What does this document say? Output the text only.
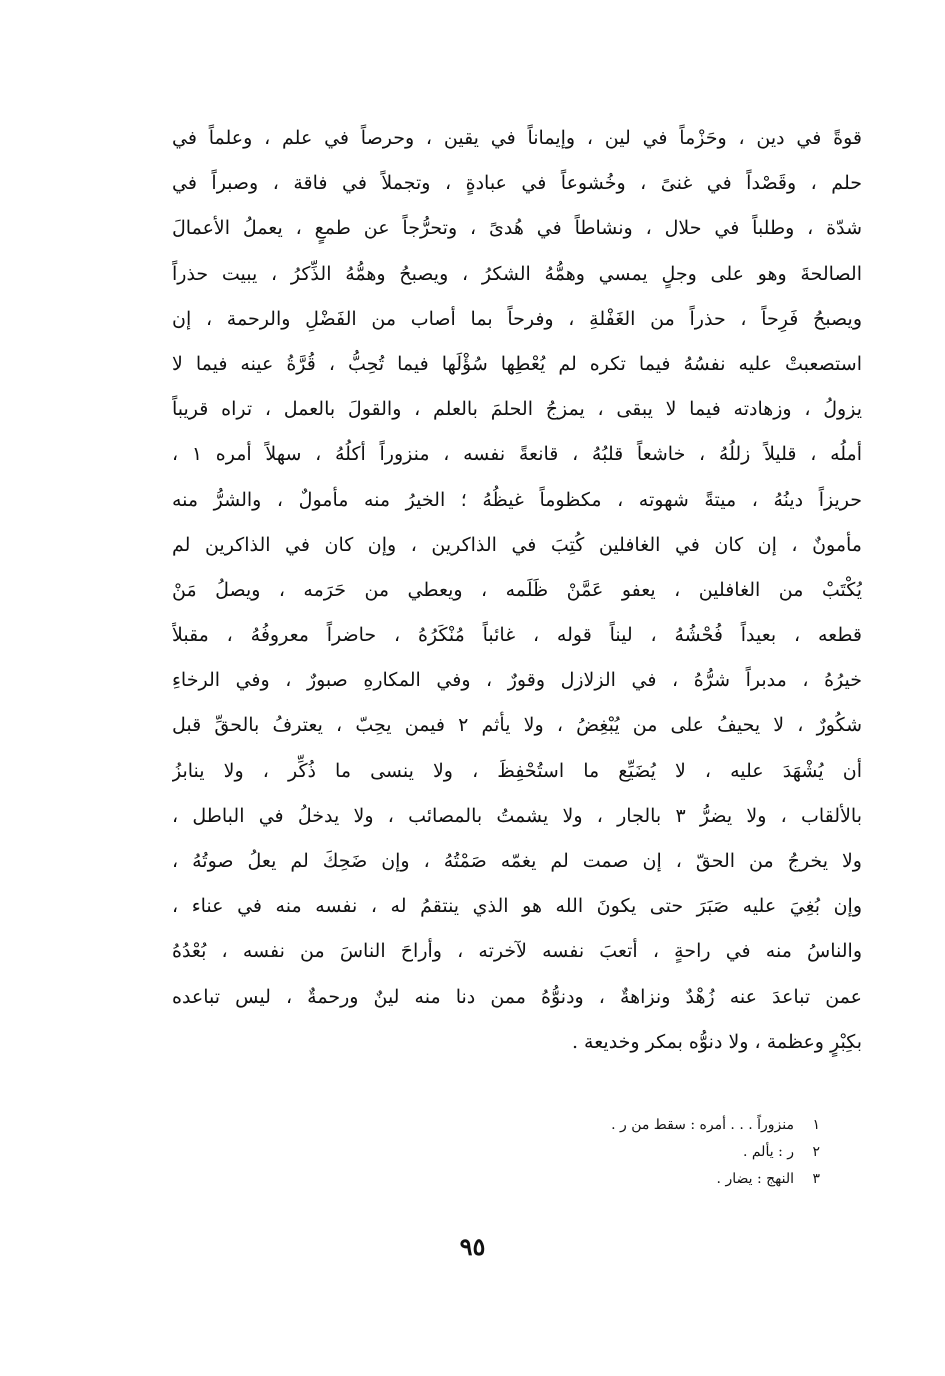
قوةً في دين ، وحَزْماً في لين ، وإيماناً في يقين ، وحرصاً في علم ، وعلماً في
حلم ، وقَصْداً في غنىً ، وخُشوعاً في عبادةٍ ، وتجملاً في فاقة ، وصبراً في
شدّة ، وطلباً في حلال ، ونشاطاً في هُدىً ، وتحرُّجاً عن طمعٍ ، يعملُ الأعمالَ
الصالحةَ وهو على وجلٍ يمسي وهمُّهُ الشكرُ ، ويصبحُ وهمُّهُ الذِّكرُ ، يبيت حذراً
ويصبحُ فَرِحاً ، حذراً من الغَفْلةِ ، وفرحاً بما أصاب من الفَضْلِ والرحمة ، إن
استصعبتْ عليه نفسُهُ فيما تكره لم يُعْطِها سُؤْلَها فيما تُحِبُّ ، قُرَّةُ عينه فيما لا
يزولُ ، وزهادته فيما لا يبقى ، يمزجُ الحلمَ بالعلم ، والقولَ بالعمل ، تراه قريباً
أملُه ، قليلاً زللُهُ ، خاشعاً قلبُهُ ، قانعةً نفسه ، منزوراً أكلُهُ ، سهلاً أمره ١ ،
حريزاً دينُهُ ، ميتةً شهوته ، مكظوماً غيظُهُ ؛ الخيرُ منه مأمولٌ ، والشرُّ منه
مأمونٌ ، إن كان في الغافلين كُتِبَ في الذاكرين ، وإن كان في الذاكرين لم
يُكْتَبْ من الغافلين ، يعفو عَمَّنْ ظَلَمه ، ويعطي من حَرَمه ، ويصلُ مَنْ
قطعه ، بعيداً فُحْشُهُ ، ليناً قوله ، غائباً مُنْكَرُهُ ، حاضراً معروفُهُ ، مقبلاً
خيرُهُ ، مدبراً شرُّهُ ، في الزلازل وقورٌ ، وفي المكارهِ صبورٌ ، وفي الرخاءِ
شكُورٌ ، لا يحيفُ على من يُبْغِضُ ، ولا يأثم ٢ فيمن يحِبّ ، يعترفُ بالحقِّ قبل
أن يُشْهَدَ عليه ، لا يُضَيِّع ما استُحْفِظَ ، ولا ينسى ما ذُكِّر ، ولا ينابزُ
بالألقاب ، ولا يضرُّ ٣ بالجار ، ولا يشمتُ بالمصائب ، ولا يدخلُ في الباطل ،
ولا يخرجُ من الحقّ ، إن صمت لم يغمّه صَمْتُهُ ، وإن ضَحِكَ لم يعلُ صوتُهُ ،
وإن بُغِيَ عليه صَبَرَ حتى يكونَ الله هو الذي ينتقمُ له ، نفسه منه في عناء ،
والناسُ منه في راحةٍ ، أتعبَ نفسه لآخرته ، وأراحَ الناسَ من نفسه ، بُعْدُهُ
عمن تباعدَ عنه زُهْدٌ ونزاهةٌ ، ودنوُّهُ ممن دنا منه لينٌ ورحمةٌ ، ليس تباعده
بكِبْرٍ وعظمة ، ولا دنوُّه بمكر وخديعة .
١
منزوراً . . . أمره : سقط من ر .
٢
ر : يألم .
٣
النهج : يضار .
٩٥
